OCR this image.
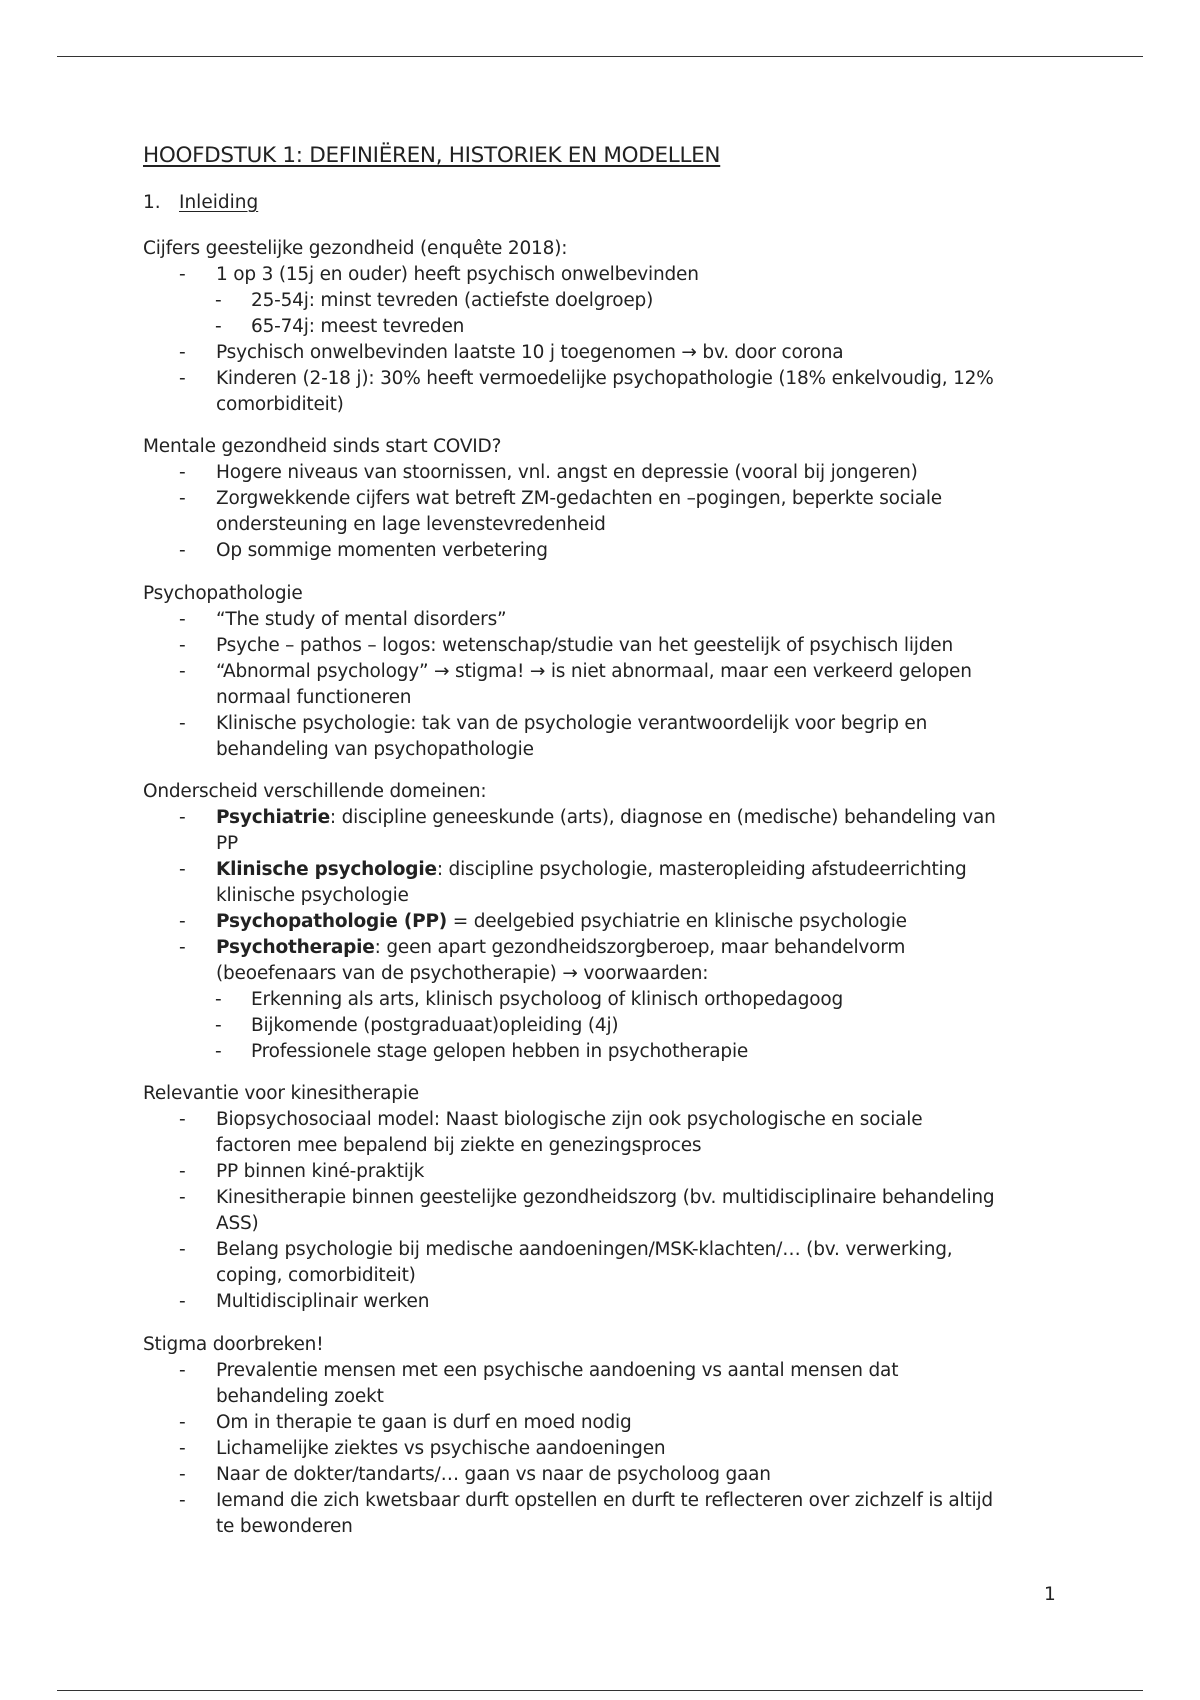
HOOFDSTUK 1: DEFINIËREN, HISTORIEK EN MODELLEN
1. Inleiding
Cijfers geestelijke gezondheid (enquête 2018):
- 1 op 3 (15j en ouder) heeft psychisch onwelbevinden
- 25-54j: minst tevreden (actiefste doelgroep)
- 65-74j: meest tevreden
- Psychisch onwelbevinden laatste 10 j toegenomen → bv. door corona
- Kinderen (2-18 j): 30% heeft vermoedelijke psychopathologie (18% enkelvoudig, 12%
comorbiditeit)
Mentale gezondheid sinds start COVID?
- Hogere niveaus van stoornissen, vnl. angst en depressie (vooral bij jongeren)
- Zorgwekkende cijfers wat betreft ZM-gedachten en –pogingen, beperkte sociale
ondersteuning en lage levenstevredenheid
- Op sommige momenten verbetering
Psychopathologie
- “The study of mental disorders”
- Psyche – pathos – logos: wetenschap/studie van het geestelijk of psychisch lijden
- “Abnormal psychology” → stigma! → is niet abnormaal, maar een verkeerd gelopen
normaal functioneren
- Klinische psychologie: tak van de psychologie verantwoordelijk voor begrip en
behandeling van psychopathologie
Onderscheid verschillende domeinen:
- Psychiatrie: discipline geneeskunde (arts), diagnose en (medische) behandeling van
PP
- Klinische psychologie: discipline psychologie, masteropleiding afstudeerrichting
klinische psychologie
- Psychopathologie (PP) = deelgebied psychiatrie en klinische psychologie
- Psychotherapie: geen apart gezondheidszorgberoep, maar behandelvorm
(beoefenaars van de psychotherapie) → voorwaarden:
- Erkenning als arts, klinisch psycholoog of klinisch orthopedagoog
- Bijkomende (postgraduaat)opleiding (4j)
- Professionele stage gelopen hebben in psychotherapie
Relevantie voor kinesitherapie
- Biopsychosociaal model: Naast biologische zijn ook psychologische en sociale
factoren mee bepalend bij ziekte en genezingsproces
- PP binnen kiné-praktijk
- Kinesitherapie binnen geestelijke gezondheidszorg (bv. multidisciplinaire behandeling
ASS)
- Belang psychologie bij medische aandoeningen/MSK-klachten/… (bv. verwerking,
coping, comorbiditeit)
- Multidisciplinair werken
Stigma doorbreken!
- Prevalentie mensen met een psychische aandoening vs aantal mensen dat
behandeling zoekt
- Om in therapie te gaan is durf en moed nodig
- Lichamelijke ziektes vs psychische aandoeningen
- Naar de dokter/tandarts/… gaan vs naar de psycholoog gaan
- Iemand die zich kwetsbaar durft opstellen en durft te reflecteren over zichzelf is altijd
te bewonderen
1
